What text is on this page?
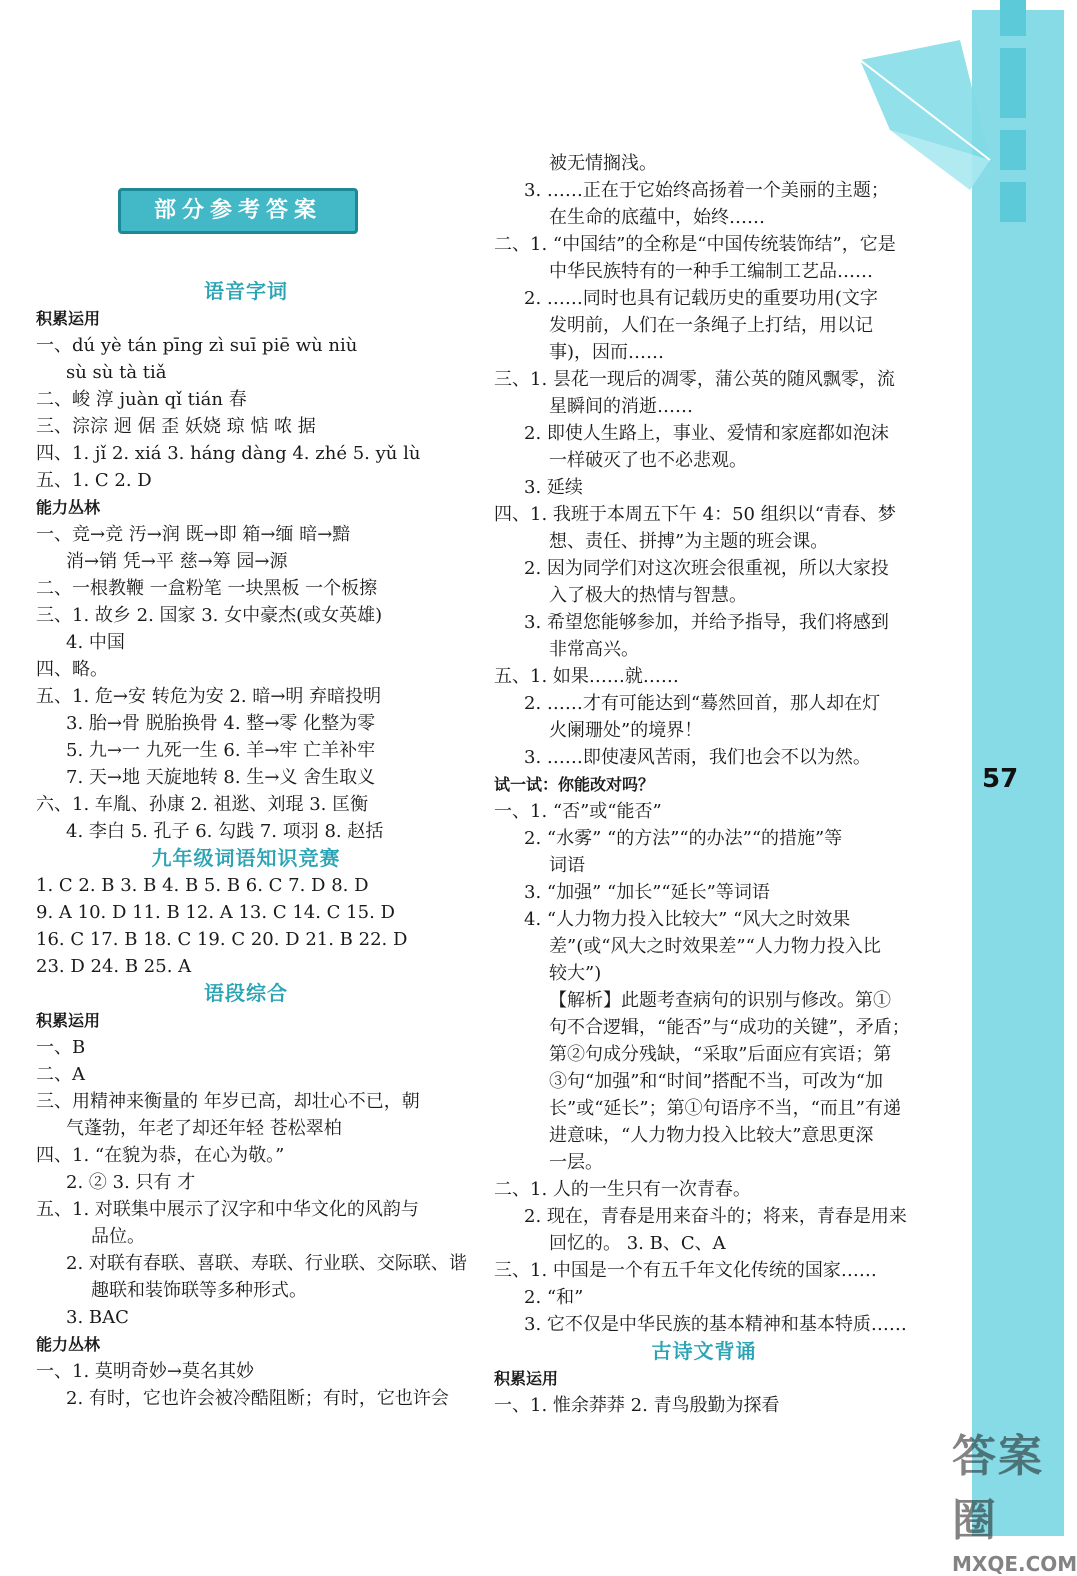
部分参考答案
语音字词
积累运用
一、dú yè tán pīng zì suī piē wù niù
sù sù tà tiǎ
二、峻 淳 juàn qǐ tián 春
三、淙淙 迥 倨 歪 妖娆 琼 惦 哝 据
四、1. jǐ 2. xiá 3. háng dàng 4. zhé 5. yǔ lù
五、1. C 2. D
能力丛林
一、竞→竞 汚→润 既→即 箱→缅 暗→黯
消→销 凭→平 慈→筹 园→源
二、一根教鞭 一盒粉笔 一块黑板 一个板擦
三、1. 故乡 2. 国家 3. 女中豪杰(或女英雄)
4. 中国
四、略。
五、1. 危→安 转危为安 2. 暗→明 弃暗投明
3. 胎→骨 脱胎换骨 4. 整→零 化整为零
5. 九→一 九死一生 6. 羊→牢 亡羊补牢
7. 天→地 天旋地转 8. 生→义 舍生取义
六、1. 车胤、孙康 2. 祖逖、刘琨 3. 匡衡
4. 李白 5. 孔子 6. 勾践 7. 项羽 8. 赵括
九年级词语知识竞赛
1. C 2. B 3. B 4. B 5. B 6. C 7. D 8. D
9. A 10. D 11. B 12. A 13. C 14. C 15. D
16. C 17. B 18. C 19. C 20. D 21. B 22. D
23. D 24. B 25. A
语段综合
积累运用
一、B
二、A
三、用精神来衡量的 年岁已高，却壮心不已，朝
气蓬勃，年老了却还年轻 苍松翠柏
四、1. “在貌为恭，在心为敬。”
2. ② 3. 只有 才
五、1. 对联集中展示了汉字和中华文化的风韵与
品位。
2. 对联有春联、喜联、寿联、行业联、交际联、谐
趣联和装饰联等多种形式。
3. BAC
能力丛林
一、1. 莫明奇妙→莫名其妙
2. 有时，它也许会被冷酷阻断；有时，它也许会
被无情搁浅。
3. ……正在于它始终高扬着一个美丽的主题；
在生命的底蕴中，始终……
二、1. “中国结”的全称是“中国传统装饰结”，它是
中华民族特有的一种手工编制工艺品……
2. ……同时也具有记载历史的重要功用(文字
发明前，人们在一条绳子上打结，用以记
事)，因而……
三、1. 昙花一现后的凋零，蒲公英的随风飘零，流
星瞬间的消逝……
2. 即使人生路上，事业、爱情和家庭都如泡沫
一样破灭了也不必悲观。
3. 延续
四、1. 我班于本周五下午 4：50 组织以“青春、梦
想、责任、拼搏”为主题的班会课。
2. 因为同学们对这次班会很重视，所以大家投
入了极大的热情与智慧。
3. 希望您能够参加，并给予指导，我们将感到
非常高兴。
五、1. 如果……就……
2. ……才有可能达到“蓦然回首，那人却在灯
火阑珊处”的境界！
3. ……即使凄风苦雨，我们也会不以为然。
试一试：你能改对吗？
一、1. “否”或“能否”
2. “水雾” “的方法”“的办法”“的措施”等
词语
3. “加强” “加长”“延长”等词语
4. “人力物力投入比较大” “风大之时效果
差”(或“风大之时效果差”“人力物力投入比
较大”)
【解析】此题考查病句的识别与修改。第①
句不合逻辑，“能否”与“成功的关键”，矛盾；
第②句成分残缺，“采取”后面应有宾语；第
③句“加强”和“时间”搭配不当，可改为“加
长”或“延长”；第①句语序不当，“而且”有递
进意味，“人力物力投入比较大”意思更深
一层。
二、1. 人的一生只有一次青春。
2. 现在，青春是用来奋斗的；将来，青春是用来
回忆的。 3. B、C、A
三、1. 中国是一个有五千年文化传统的国家……
2. “和”
3. 它不仅是中华民族的基本精神和基本特质……
古诗文背诵
积累运用
一、1. 惟余莽莽 2. 青鸟殷勤为探看
57
答案圈
MXQE.COM
